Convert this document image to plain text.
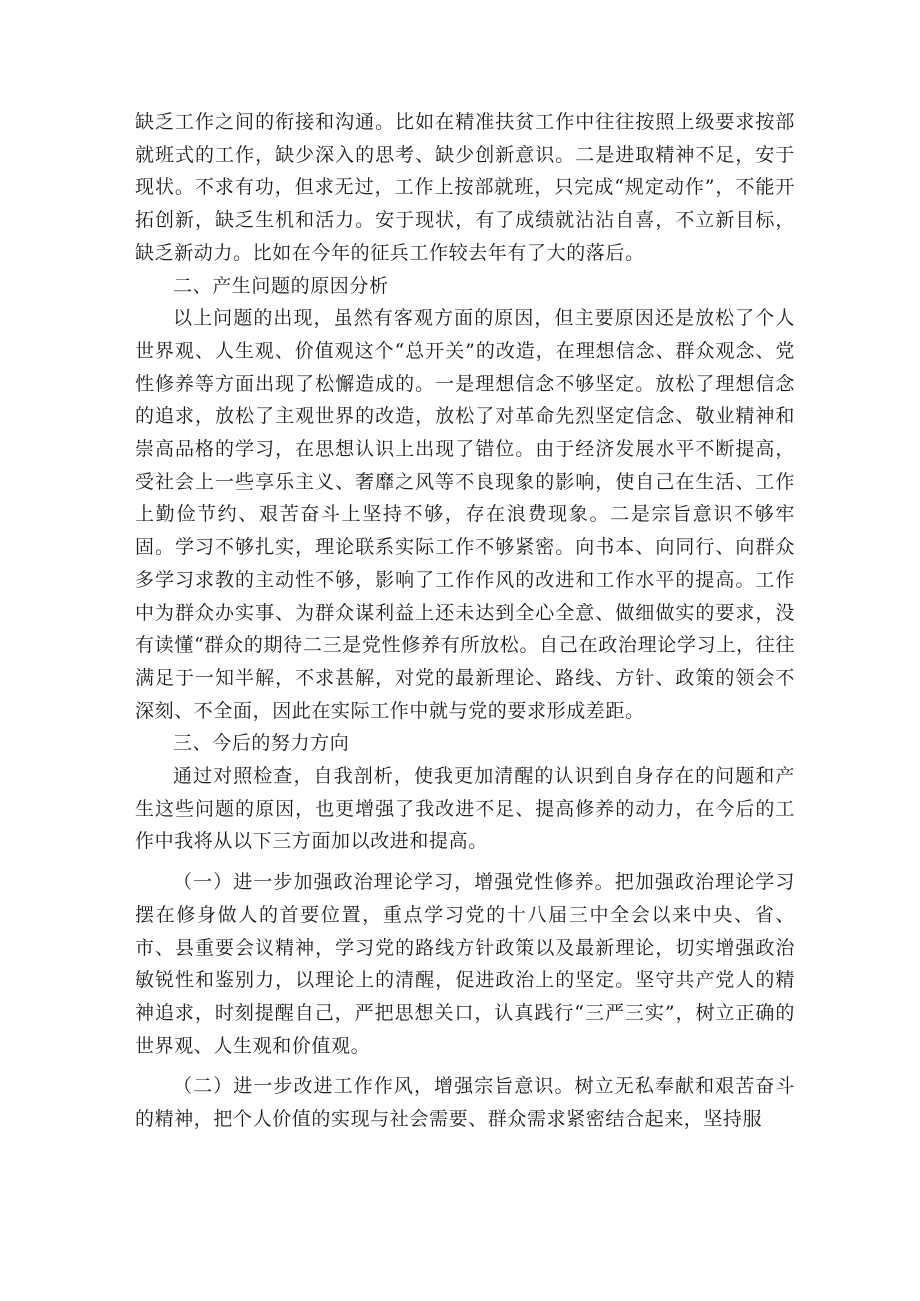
缺乏工作之间的衔接和沟通。比如在精准扶贫工作中往往按照上级要求按部就班式的工作，缺少深入的思考、缺少创新意识。二是进取精神不足，安于现状。不求有功，但求无过，工作上按部就班，只完成“规定动作”，不能开拓创新，缺乏生机和活力。安于现状，有了成绩就沾沾自喜，不立新目标，缺乏新动力。比如在今年的征兵工作较去年有了大的落后。

二、产生问题的原因分析

以上问题的出现，虽然有客观方面的原因，但主要原因还是放松了个人世界观、人生观、价值观这个“总开关”的改造，在理想信念、群众观念、党性修养等方面出现了松懈造成的。一是理想信念不够坚定。放松了理想信念的追求，放松了主观世界的改造，放松了对革命先烈坚定信念、敬业精神和崇高品格的学习，在思想认识上出现了错位。由于经济发展水平不断提高，受社会上一些享乐主义、奢靡之风等不良现象的影响，使自己在生活、工作上勤俭节约、艰苦奋斗上坚持不够，存在浪费现象。二是宗旨意识不够牢固。学习不够扎实，理论联系实际工作不够紧密。向书本、向同行、向群众多学习求教的主动性不够，影响了工作作风的改进和工作水平的提高。工作中为群众办实事、为群众谋利益上还未达到全心全意、做细做实的要求，没有读懂“群众的期待二三是党性修养有所放松。自己在政治理论学习上，往往满足于一知半解，不求甚解，对党的最新理论、路线、方针、政策的领会不深刻、不全面，因此在实际工作中就与党的要求形成差距。

三、今后的努力方向

通过对照检查，自我剖析，使我更加清醒的认识到自身存在的问题和产生这些问题的原因，也更增强了我改进不足、提高修养的动力，在今后的工作中我将从以下三方面加以改进和提高。

（一）进一步加强政治理论学习，增强党性修养。把加强政治理论学习摆在修身做人的首要位置，重点学习党的十八届三中全会以来中央、省、市、县重要会议精神，学习党的路线方针政策以及最新理论，切实增强政治敏锐性和鉴别力，以理论上的清醒，促进政治上的坚定。坚守共产党人的精神追求，时刻提醒自己，严把思想关口，认真践行“三严三实”，树立正确的世界观、人生观和价值观。

（二）进一步改进工作作风，增强宗旨意识。树立无私奉献和艰苦奋斗的精神，把个人价值的实现与社会需要、群众需求紧密结合起来，坚持服
